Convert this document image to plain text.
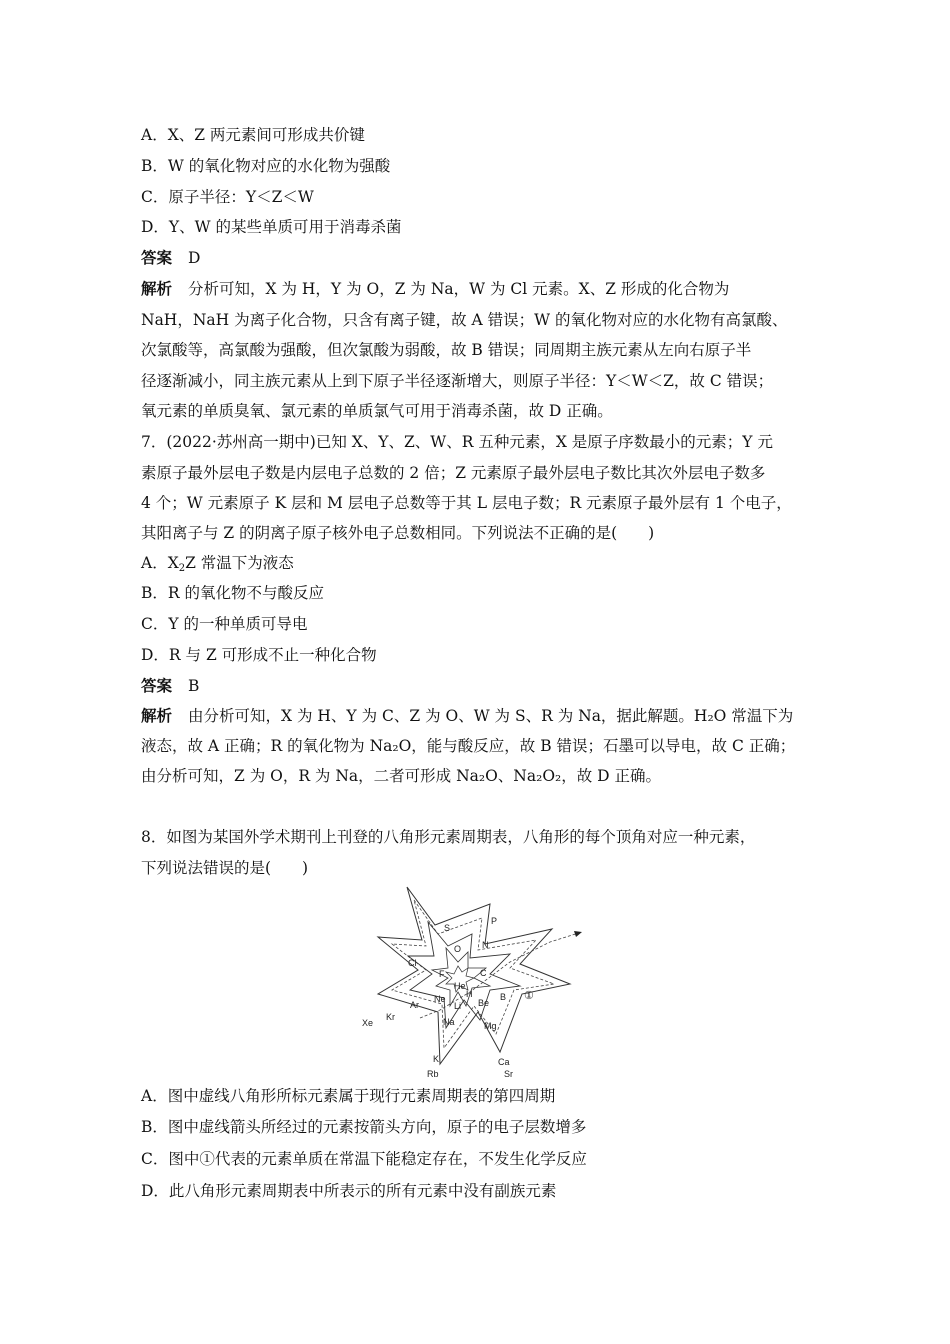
A．X、Z 两元素间可形成共价键
B．W 的氧化物对应的水化物为强酸
C．原子半径：Y＜Z＜W
D．Y、W 的某些单质可用于消毒杀菌
答案 D
解析 分析可知，X 为 H，Y 为 O，Z 为 Na，W 为 Cl 元素。X、Z 形成的化合物为
NaH，NaH 为离子化合物，只含有离子键，故 A 错误；W 的氧化物对应的水化物有高氯酸、
次氯酸等，高氯酸为强酸，但次氯酸为弱酸，故 B 错误；同周期主族元素从左向右原子半
径逐渐减小，同主族元素从上到下原子半径逐渐增大，则原子半径：Y＜W＜Z，故 C 错误；
氧元素的单质臭氧、氯元素的单质氯气可用于消毒杀菌，故 D 正确。
7．(2022·苏州高一期中)已知 X、Y、Z、W、R 五种元素，X 是原子序数最小的元素；Y 元
素原子最外层电子数是内层电子总数的 2 倍；Z 元素原子最外层电子数比其次外层电子数多
4 个；W 元素原子 K 层和 M 层电子总数等于其 L 层电子数；R 元素原子最外层有 1 个电子，
其阳离子与 Z 的阴离子原子核外电子总数相同。下列说法不正确的是(　　)
A．$X_2Z$ 常温下为液态
B．R 的氧化物不与酸反应
C．Y 的一种单质可导电
D．R 与 Z 可形成不止一种化合物
答案 B
解析 由分析可知，X 为 H、Y 为 C、Z 为 O、W 为 S、R 为 Na，据此解题。H₂O 常温下为
液态，故 A 正确；R 的氧化物为 Na₂O，能与酸反应，故 B 错误；石墨可以导电，故 C 正确；
由分析可知，Z 为 O，R 为 Na，二者可形成 Na₂O、Na₂O₂，故 D 正确。
8．如图为某国外学术期刊上刊登的八角形元素周期表，八角形的每个顶角对应一种元素，
下列说法错误的是(　　)
S
P
O N
Cl
F	C
He
H	B
Ne
Li Be
Ar
Na	Mg
Kr
Xe
K	Ca
Rb	Sr
①
A．图中虚线八角形所标元素属于现行元素周期表的第四周期
B．图中虚线箭头所经过的元素按箭头方向，原子的电子层数增多
C．图中①代表的元素单质在常温下能稳定存在，不发生化学反应
D．此八角形元素周期表中所表示的所有元素中没有副族元素
